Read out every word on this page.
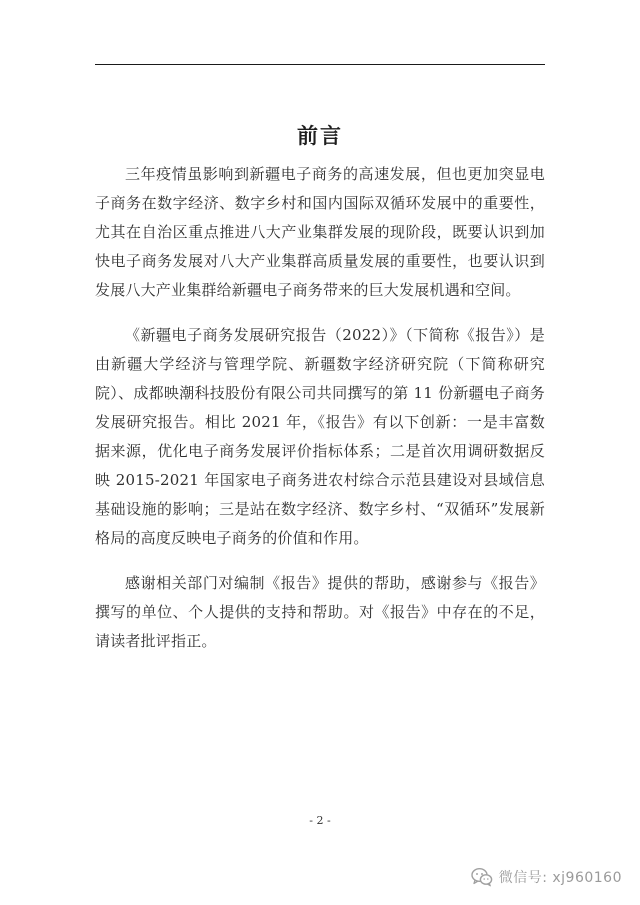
前言

三年疫情虽影响到新疆电子商务的高速发展，但也更加突显电子商务在数字经济、数字乡村和国内国际双循环发展中的重要性，尤其在自治区重点推进八大产业集群发展的现阶段，既要认识到加快电子商务发展对八大产业集群高质量发展的重要性，也要认识到发展八大产业集群给新疆电子商务带来的巨大发展机遇和空间。

《新疆电子商务发展研究报告（2022）》（下简称《报告》）是由新疆大学经济与管理学院、新疆数字经济研究院（下简称研究院）、成都映潮科技股份有限公司共同撰写的第 11 份新疆电子商务发展研究报告。相比 2021 年，《报告》有以下创新：一是丰富数据来源，优化电子商务发展评价指标体系；二是首次用调研数据反映 2015-2021 年国家电子商务进农村综合示范县建设对县域信息基础设施的影响；三是站在数字经济、数字乡村、“双循环”发展新格局的高度反映电子商务的价值和作用。

感谢相关部门对编制《报告》提供的帮助，感谢参与《报告》撰写的单位、个人提供的支持和帮助。对《报告》中存在的不足，请读者批评指正。

- 2 -
微信号: xj960160
